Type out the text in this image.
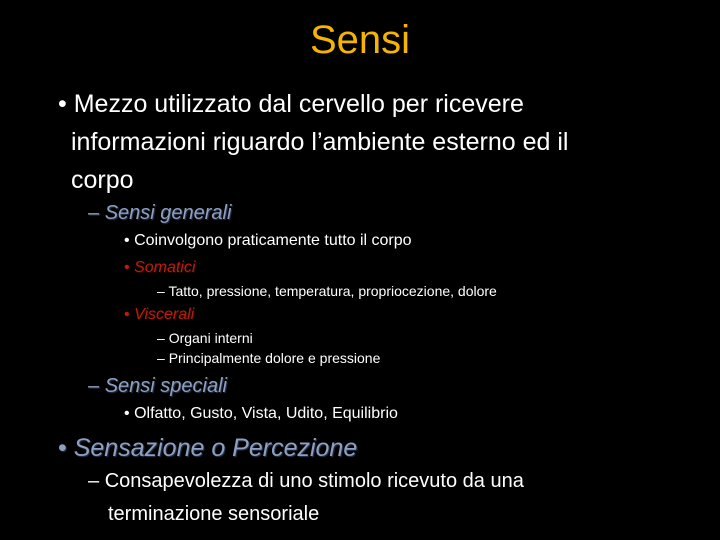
Sensi
• Mezzo utilizzato dal cervello per ricevere
informazioni riguardo l’ambiente esterno ed il
corpo
– Sensi generali
• Coinvolgono praticamente tutto il corpo
• Somatici
– Tatto, pressione, temperatura, propriocezione, dolore
• Viscerali
– Organi interni
– Principalmente dolore e pressione
– Sensi speciali
• Olfatto, Gusto, Vista, Udito, Equilibrio
• Sensazione o Percezione
– Consapevolezza di uno stimolo ricevuto da una
terminazione sensoriale
